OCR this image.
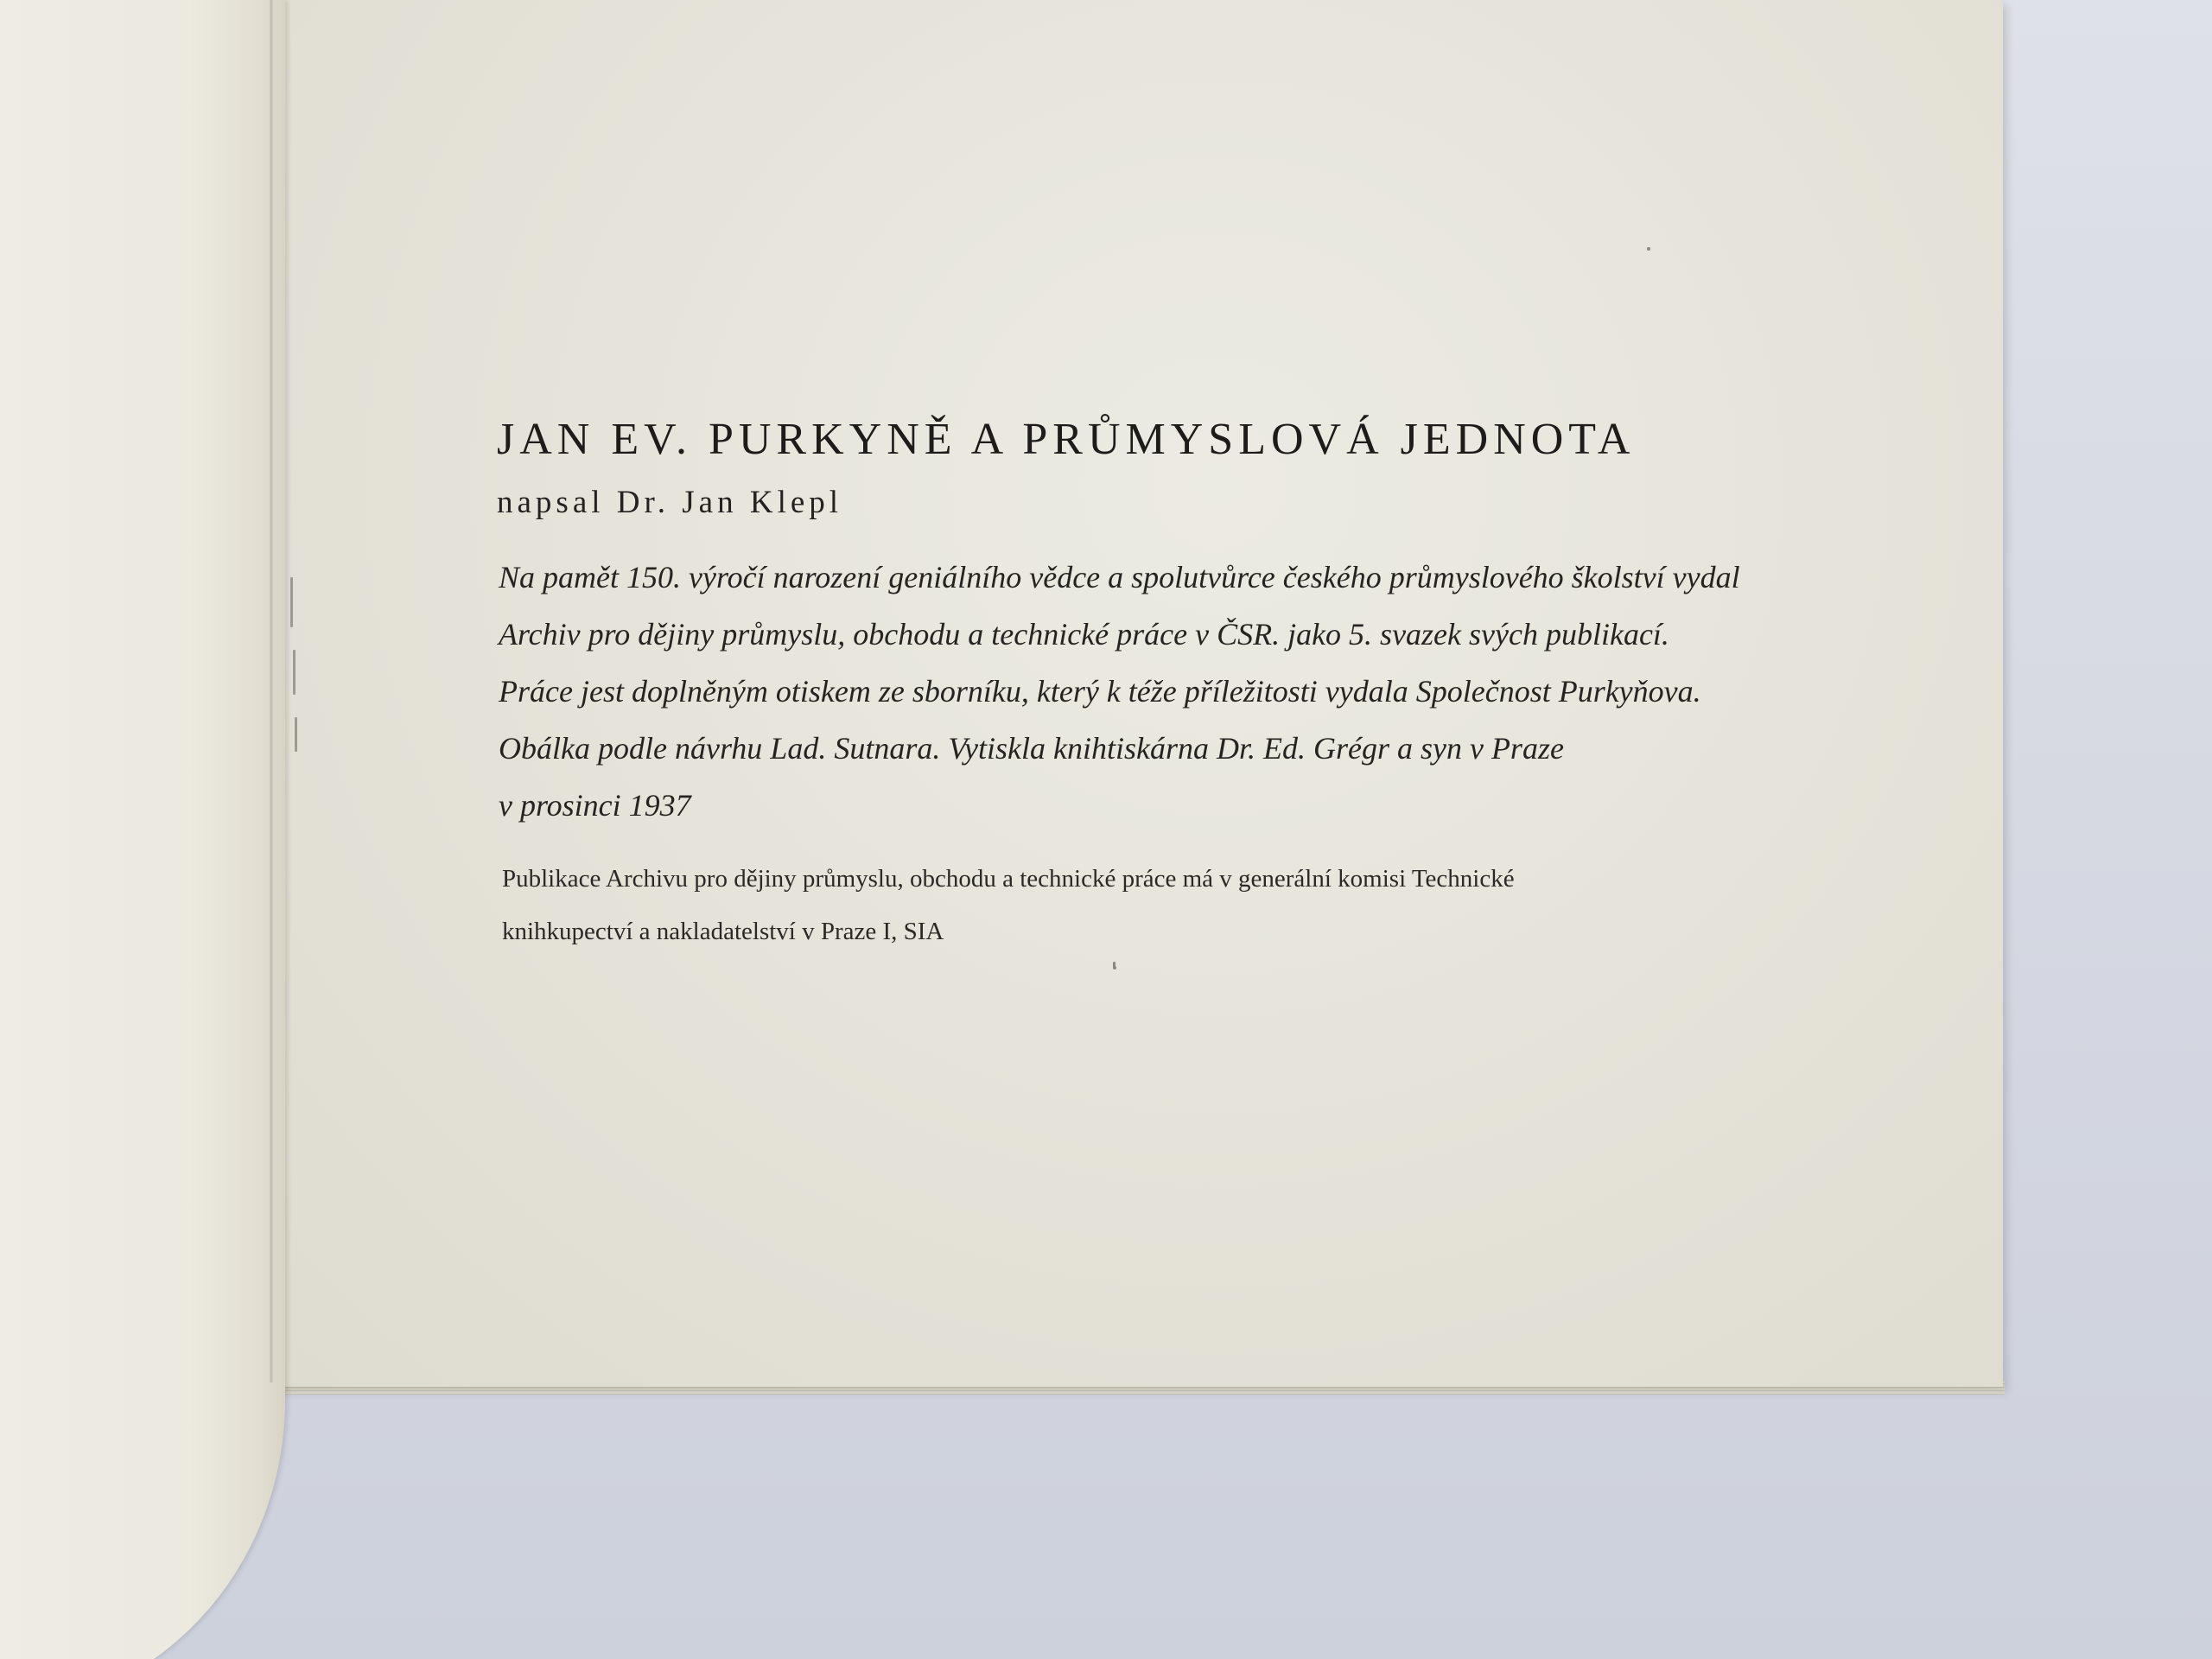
JAN EV. PURKYNĚ A PRŮMYSLOVÁ JEDNOTA
napsal Dr. Jan Klepl
Na pamět 150. výročí narození geniálního vědce a spolutvůrce českého průmyslového školství vydal
Archiv pro dějiny průmyslu, obchodu a technické práce v ČSR. jako 5. svazek svých publikací.
Práce jest doplněným otiskem ze sborníku, který k téže příležitosti vydala Společnost Purkyňova.
Obálka podle návrhu Lad. Sutnara. Vytiskla knihtiskárna Dr. Ed. Grégr a syn v Praze
v prosinci 1937
Publikace Archivu pro dějiny průmyslu, obchodu a technické práce má v generální komisi Technické
knihkupectví a nakladatelství v Praze I, SIA
